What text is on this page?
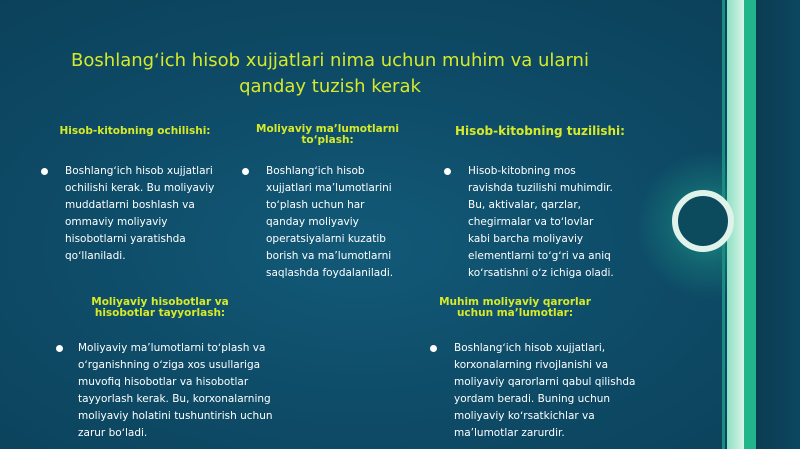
Boshlangʻich hisob xujjatlari nima uchun muhim va ularni qanday tuzish kerak
Hisob-kitobning ochilishi:

Boshlangʻich hisob xujjatlari ochilishi kerak. Bu moliyaviy muddatlarni boshlash va ommaviy moliyaviy hisobotlarni yaratishda qoʻllaniladi.

Moliyaviy maʼlumotlarni toʻplash:

Boshlangʻich hisob xujjatlari maʼlumotlarini toʻplash uchun har qanday moliyaviy operatsiyalarni kuzatib borish va maʼlumotlarni saqlashda foydalaniladi.

Hisob-kitobning tuzilishi:

Hisob-kitobning mos ravishda tuzilishi muhimdir. Bu, aktivalar, qarzlar, chegirmalar va toʻlovlar kabi barcha moliyaviy elementlarni toʻgʻri va aniq koʻrsatishni oʻz ichiga oladi.

Moliyaviy hisobotlar va hisobotlar tayyorlash:

Moliyaviy maʼlumotlarni toʻplash va oʻrganishning oʻziga xos usullariga muvofiq hisobotlar va hisobotlar tayyorlash kerak. Bu, korxonalarning moliyaviy holatini tushuntirish uchun zarur boʻladi.

Muhim moliyaviy qarorlar uchun maʼlumotlar:

Boshlangʻich hisob xujjatlari, korxonalarning rivojlanishi va moliyaviy qarorlarni qabul qilishda yordam beradi. Buning uchun moliyaviy koʻrsatkichlar va maʼlumotlar zarurdir.
